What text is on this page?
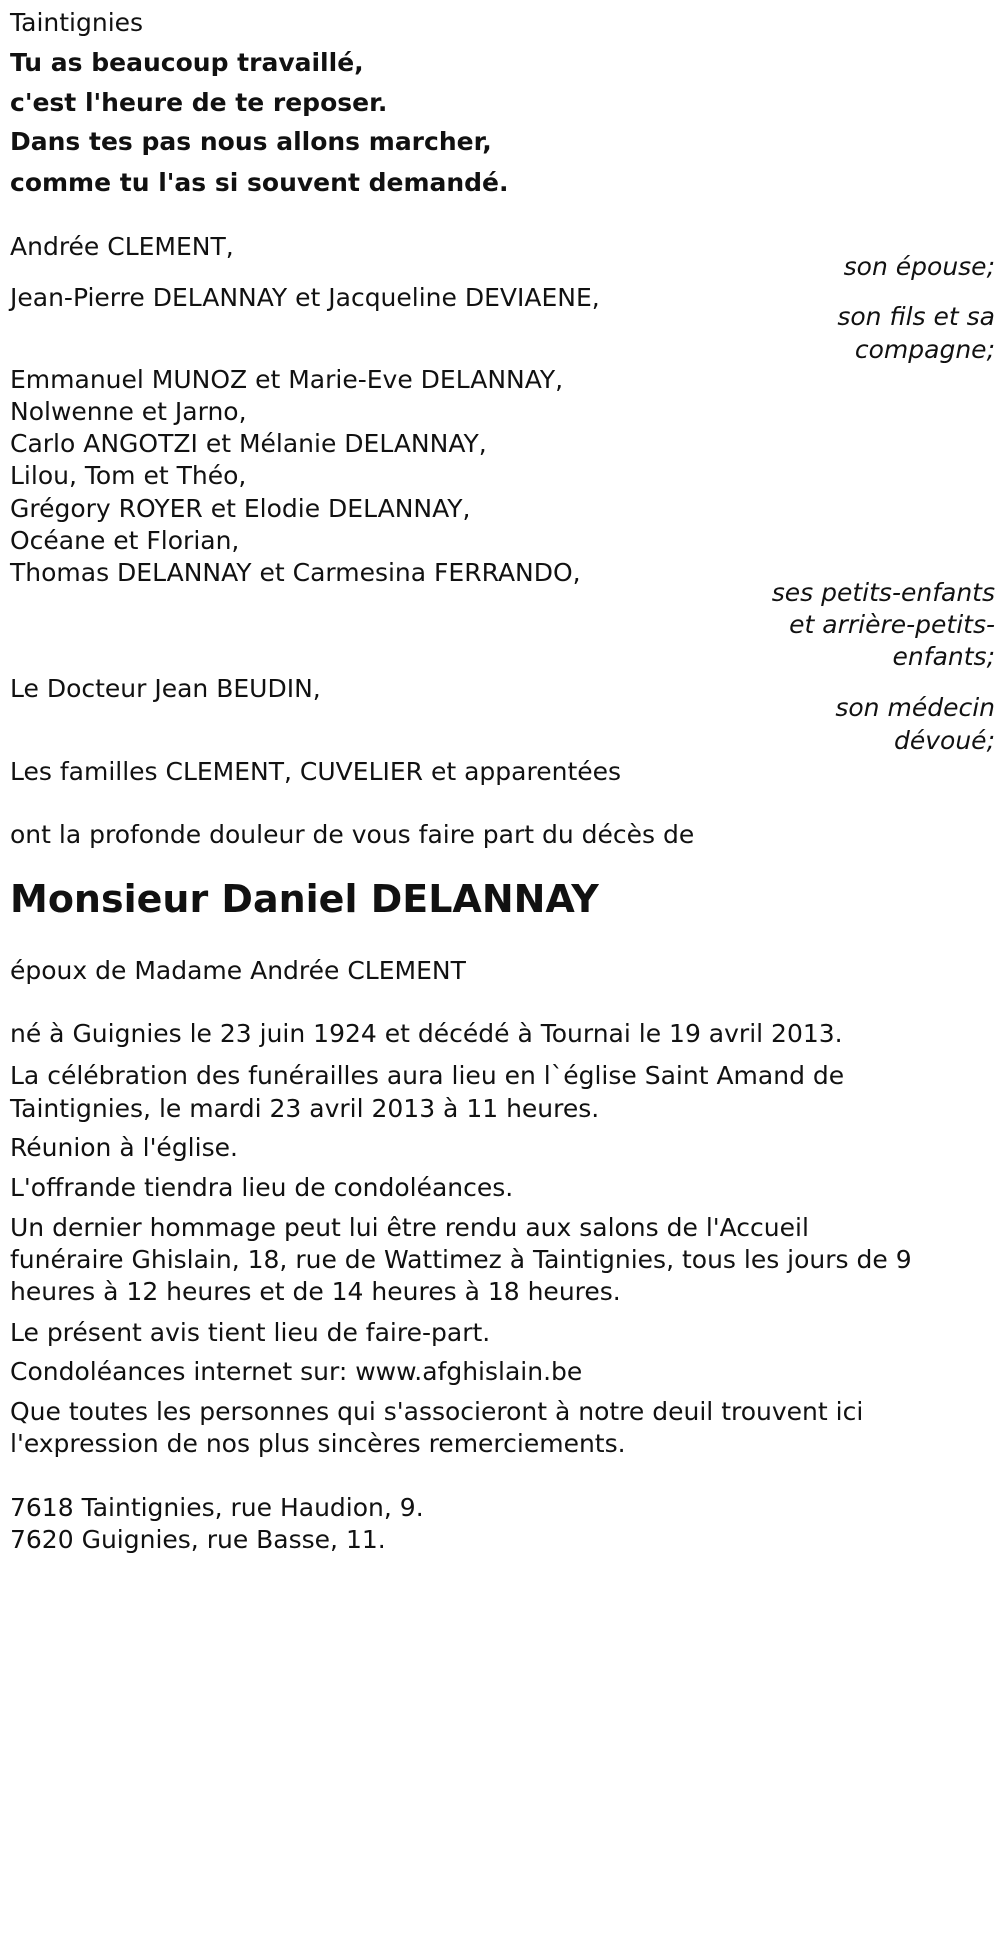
Taintignies
Tu as beaucoup travaillé,
c'est l'heure de te reposer.
Dans tes pas nous allons marcher,
comme tu l'as si souvent demandé.
Andrée CLEMENT,
son épouse;
Jean-Pierre DELANNAY et Jacqueline DEVIAENE,
son fils et sa
compagne;
Emmanuel MUNOZ et Marie-Eve DELANNAY,
Nolwenne et Jarno,
Carlo ANGOTZI et Mélanie DELANNAY,
Lilou, Tom et Théo,
Grégory ROYER et Elodie DELANNAY,
Océane et Florian,
Thomas DELANNAY et Carmesina FERRANDO,
ses petits-enfants
et arrière-petits-
enfants;
Le Docteur Jean BEUDIN,
son médecin
dévoué;
Les familles CLEMENT, CUVELIER et apparentées
ont la profonde douleur de vous faire part du décès de
Monsieur Daniel DELANNAY
époux de Madame Andrée CLEMENT
né à Guignies le 23 juin 1924 et décédé à Tournai le 19 avril 2013.
La célébration des funérailles aura lieu en l`église Saint Amand de
Taintignies, le mardi 23 avril 2013 à 11 heures.
Réunion à l'église.
L'offrande tiendra lieu de condoléances.
Un dernier hommage peut lui être rendu aux salons de l'Accueil
funéraire Ghislain, 18, rue de Wattimez à Taintignies, tous les jours de 9
heures à 12 heures et de 14 heures à 18 heures.
Le présent avis tient lieu de faire-part.
Condoléances internet sur: www.afghislain.be
Que toutes les personnes qui s'associeront à notre deuil trouvent ici
l'expression de nos plus sincères remerciements.
7618 Taintignies, rue Haudion, 9.
7620 Guignies, rue Basse, 11.
